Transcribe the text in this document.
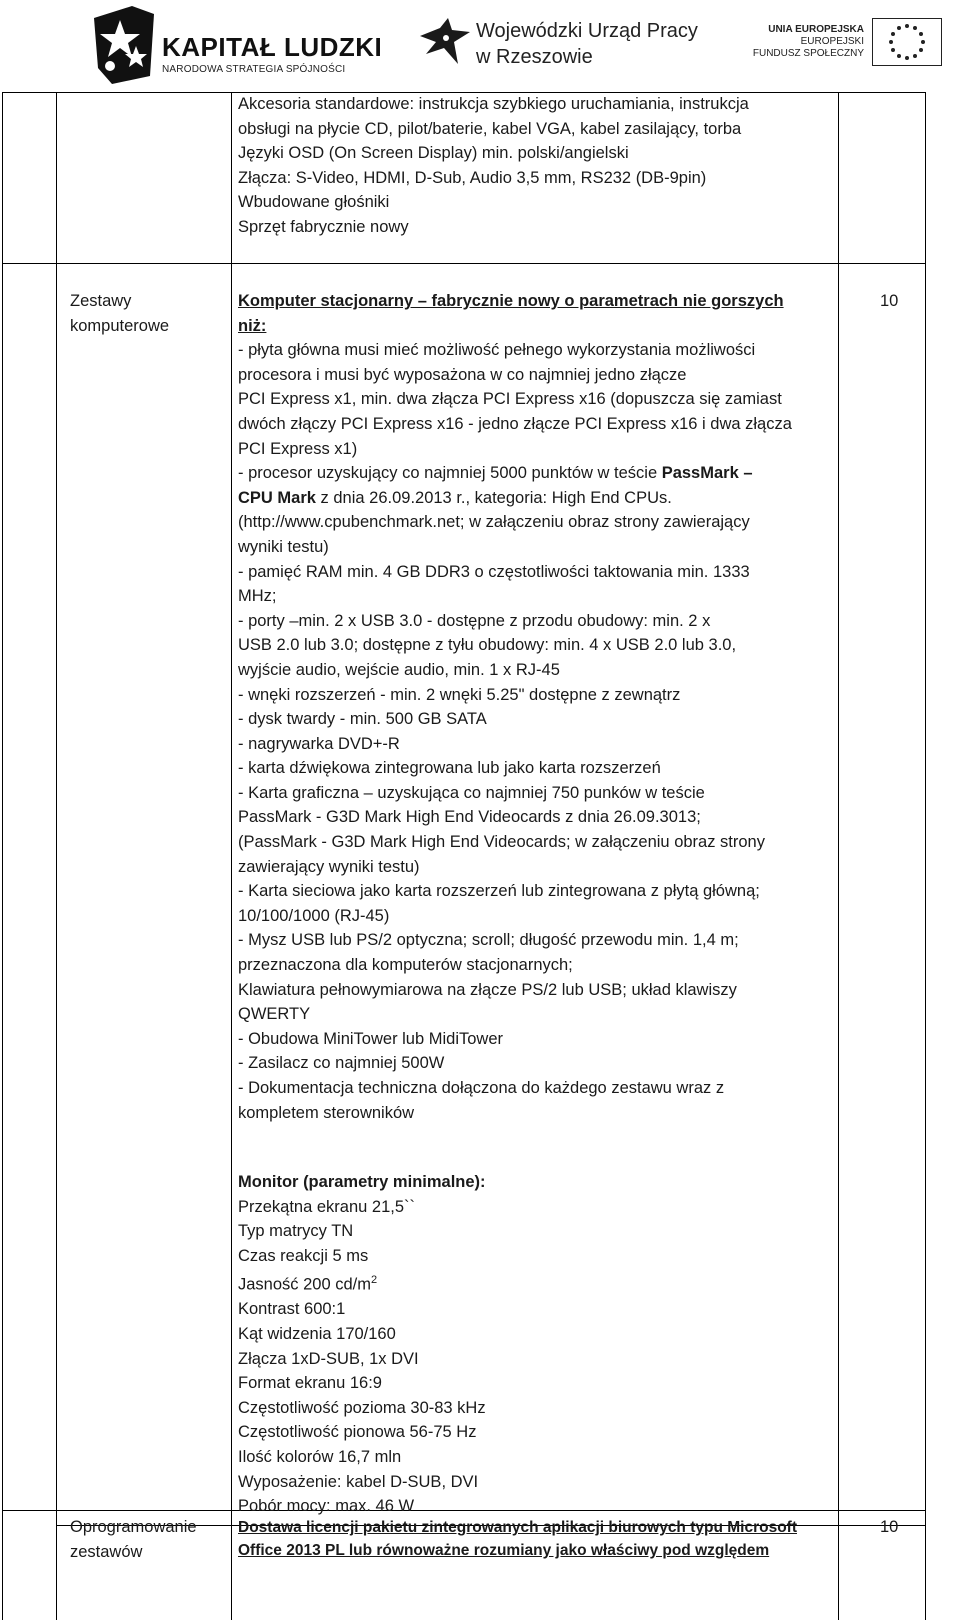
KAPITAŁ LUDZKI
NARODOWA STRATEGIA SPÓJNOŚCI
Wojewódzki Urząd Pracy
w Rzeszowie
UNIA EUROPEJSKA
EUROPEJSKI
FUNDUSZ SPOŁECZNY

Akcesoria standardowe: instrukcja szybkiego uruchamiania, instrukcja

obsługi na płycie CD, pilot/baterie, kabel VGA, kabel zasilający, torba

Języki OSD (On Screen Display) min. polski/angielski

Złącza: S-Video, HDMI, D-Sub, Audio 3,5 mm, RS232 (DB-9pin)

Wbudowane głośniki

Sprzęt fabrycznie nowy

Zestawy

komputerowe

10

Komputer stacjonarny – fabrycznie nowy o parametrach nie gorszych

niż:

- płyta główna musi mieć możliwość pełnego wykorzystania możliwości

procesora i musi być wyposażona w co najmniej jedno złącze

PCI Express x1, min. dwa złącza PCI Express x16 (dopuszcza się zamiast

dwóch złączy PCI Express x16 - jedno złącze PCI Express x16 i dwa złącza

PCI Express x1)

- procesor uzyskujący co najmniej 5000 punktów w teście PassMark –

CPU Mark z dnia 26.09.2013 r., kategoria: High End CPUs.

(http://www.cpubenchmark.net; w załączeniu obraz strony zawierający

wyniki testu)

- pamięć RAM min. 4 GB DDR3 o częstotliwości taktowania min. 1333

MHz;

- porty –min. 2 x USB 3.0 - dostępne z przodu obudowy: min. 2 x

USB 2.0 lub 3.0; dostępne z tyłu obudowy: min. 4 x USB 2.0 lub 3.0,

wyjście audio, wejście audio, min. 1 x RJ-45

- wnęki rozszerzeń - min. 2 wnęki 5.25" dostępne z zewnątrz

- dysk twardy - min. 500 GB SATA

- nagrywarka DVD+-R

- karta dźwiękowa zintegrowana lub jako karta rozszerzeń

- Karta graficzna – uzyskująca co najmniej 750 punków w teście

PassMark - G3D Mark High End Videocards z dnia 26.09.3013;

(PassMark - G3D Mark High End Videocards; w załączeniu obraz strony

zawierający wyniki testu)

- Karta sieciowa jako karta rozszerzeń lub zintegrowana z płytą główną;

10/100/1000 (RJ-45)

- Mysz USB lub PS/2 optyczna; scroll; długość przewodu min. 1,4 m;

przeznaczona dla komputerów stacjonarnych;

Klawiatura pełnowymiarowa na złącze PS/2 lub USB; układ klawiszy

QWERTY

- Obudowa MiniTower lub MidiTower

- Zasilacz co najmniej 500W

- Dokumentacja techniczna dołączona do każdego zestawu wraz z

kompletem sterowników

Monitor (parametry minimalne):

Przekątna ekranu 21,5``

Typ matrycy TN

Czas reakcji 5 ms

Jasność 200 $cd/m^2$

Kontrast 600:1

Kąt widzenia 170/160

Złącza 1xD-SUB, 1x DVI

Format ekranu 16:9

Częstotliwość pozioma 30-83 kHz

Częstotliwość pionowa 56-75 Hz

Ilość kolorów 16,7 mln

Wyposażenie: kabel D-SUB, DVI

Pobór mocy: max. 46 W

Oprogramowanie

zestawów

10

Dostawa licencji pakietu zintegrowanych aplikacji biurowych typu Microsoft

Office 2013 PL lub równoważne rozumiany jako właściwy pod względem
